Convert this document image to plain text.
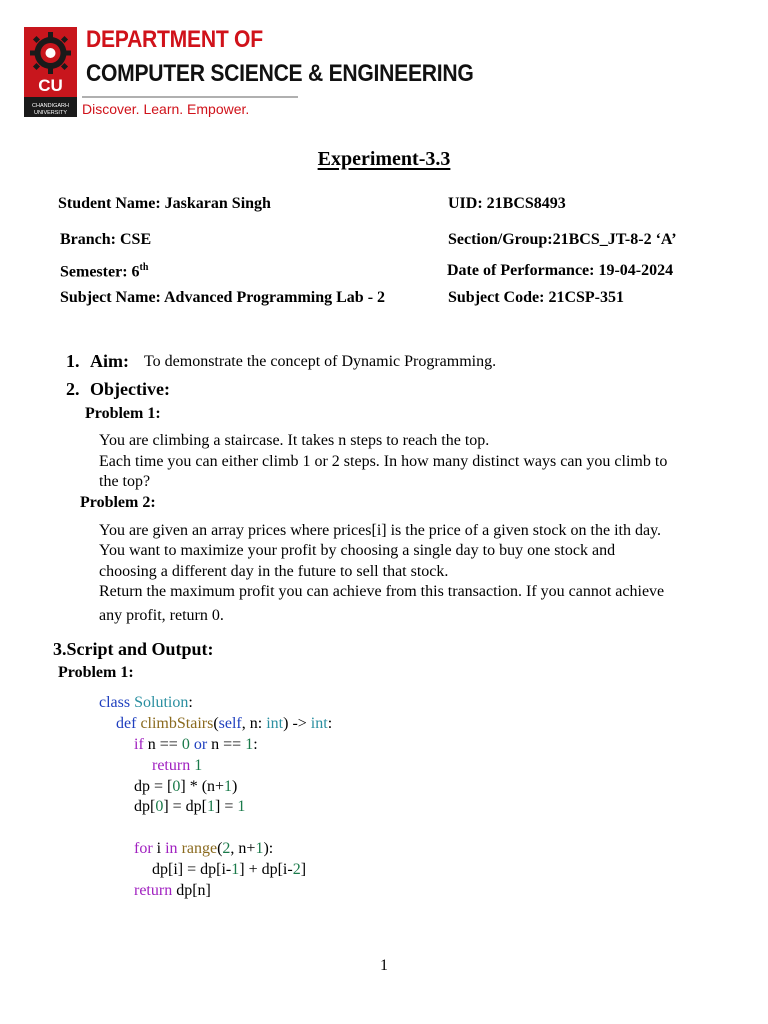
CU
CHANDIGARH
UNIVERSITY
DEPARTMENT OF
COMPUTER SCIENCE & ENGINEERING
Discover. Learn. Empower.
Experiment-3.3
Student Name: Jaskaran Singh	UID: 21BCS8493
Branch: CSE	Section/Group:21BCS_JT-8-2 ‘A’
Semester: 6th	Date of Performance: 19-04-2024
Subject Name: Advanced Programming Lab - 2	Subject Code: 21CSP-351
1. Aim: To demonstrate the concept of Dynamic Programming.
2. Objective:
Problem 1:
You are climbing a staircase. It takes n steps to reach the top.
Each time you can either climb 1 or 2 steps. In how many distinct ways can you climb to
the top?
Problem 2:
You are given an array prices where prices[i] is the price of a given stock on the ith day.
You want to maximize your profit by choosing a single day to buy one stock and
choosing a different day in the future to sell that stock.
Return the maximum profit you can achieve from this transaction. If you cannot achieve
any profit, return 0.
3.Script and Output:
Problem 1:
class Solution:
def climbStairs(self, n: int) -> int:
if n == 0 or n == 1:
return 1
dp = [0] * (n+1)
dp[0] = dp[1] = 1
for i in range(2, n+1):
dp[i] = dp[i-1] + dp[i-2]
return dp[n]
1
